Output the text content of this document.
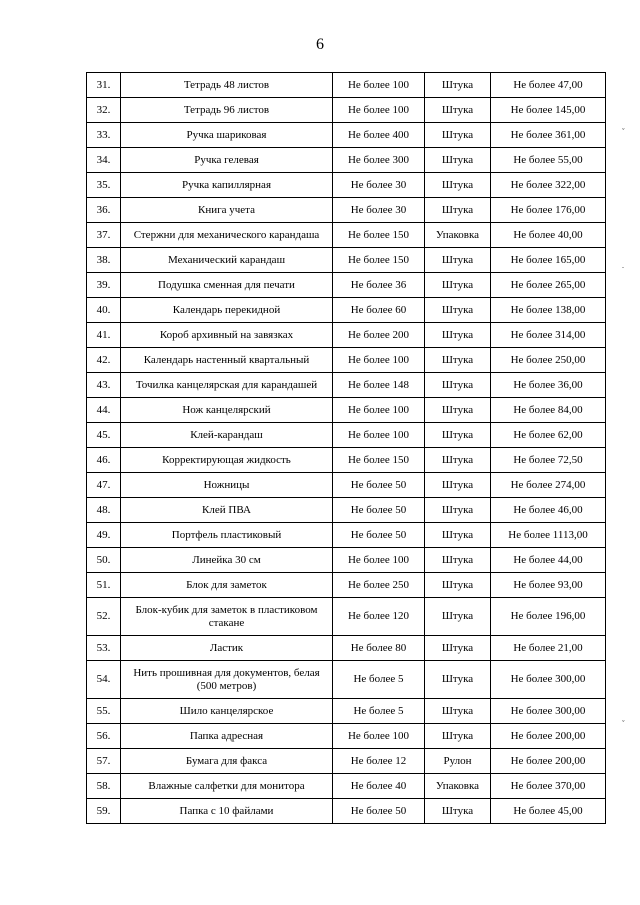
6
31.	Тетрадь 48 листов	Не более 100	Штука	Не более 47,00
32.	Тетрадь 96 листов	Не более 100	Штука	Не более 145,00
33.	Ручка шариковая	Не более 400	Штука	Не более 361,00
34.	Ручка гелевая	Не более 300	Штука	Не более 55,00
35.	Ручка капиллярная	Не более 30	Штука	Не более 322,00
36.	Книга учета	Не более 30	Штука	Не более 176,00
37.	Стержни для механического карандаша	Не более 150	Упаковка	Не более 40,00
38.	Механический карандаш	Не более 150	Штука	Не более 165,00
39.	Подушка сменная для печати	Не более 36	Штука	Не более 265,00
40.	Календарь перекидной	Не более 60	Штука	Не более 138,00
41.	Короб архивный на завязках	Не более 200	Штука	Не более 314,00
42.	Календарь настенный квартальный	Не более 100	Штука	Не более 250,00
43.	Точилка канцелярская для карандашей	Не более 148	Штука	Не более 36,00
44.	Нож канцелярский	Не более 100	Штука	Не более 84,00
45.	Клей-карандаш	Не более 100	Штука	Не более 62,00
46.	Корректирующая жидкость	Не более 150	Штука	Не более 72,50
47.	Ножницы	Не более 50	Штука	Не более 274,00
48.	Клей ПВА	Не более 50	Штука	Не более 46,00
49.	Портфель пластиковый	Не более 50	Штука	Не более 1113,00
50.	Линейка 30 см	Не более 100	Штука	Не более 44,00
51.	Блок для заметок	Не более 250	Штука	Не более 93,00
52.	Блок-кубик для заметок в пластиковом стакане	Не более 120	Штука	Не более 196,00
53.	Ластик	Не более 80	Штука	Не более 21,00
54.	Нить прошивная для документов, белая (500 метров)	Не более 5	Штука	Не более 300,00
55.	Шило канцелярское	Не более 5	Штука	Не более 300,00
56.	Папка адресная	Не более 100	Штука	Не более 200,00
57.	Бумага для факса	Не более 12	Рулон	Не более 200,00
58.	Влажные салфетки для монитора	Не более 40	Упаковка	Не более 370,00
59.	Папка с 10 файлами	Не более 50	Штука	Не более 45,00
ˇ
.
ˇ
